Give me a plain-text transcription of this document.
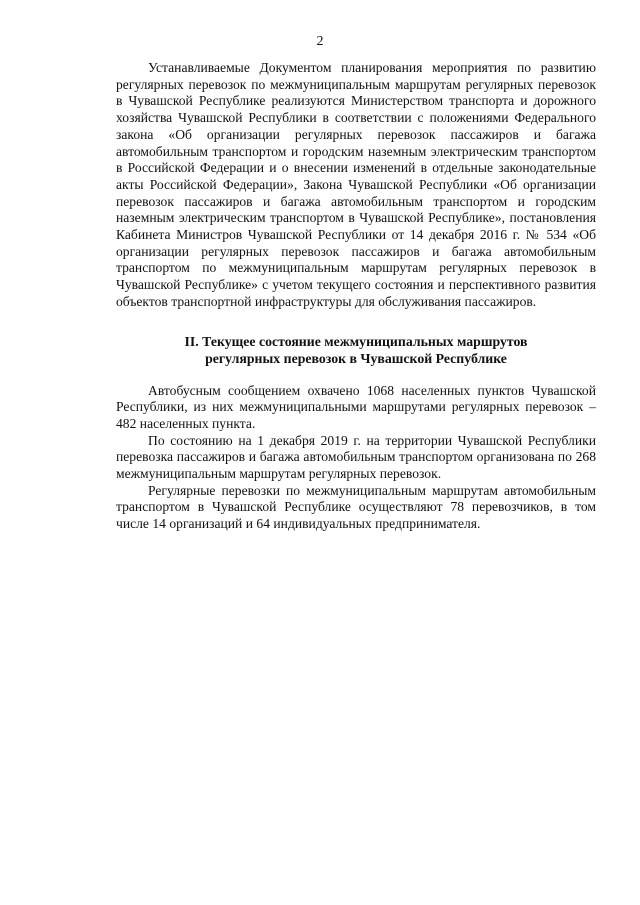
2

Устанавливаемые Документом планирования мероприятия по развитию регулярных перевозок по межмуниципальным маршрутам регулярных перевозок в Чувашской Республике реализуются Министерством транспорта и дорожного хозяйства Чувашской Республики в соответствии с положениями Федерального закона «Об организации регулярных перевозок пассажиров и багажа автомобильным транспортом и городским наземным электрическим транспортом в Российской Федерации и о внесении изменений в отдельные законодательные акты Российской Федерации», Закона Чувашской Республики «Об организации перевозок пассажиров и багажа автомобильным транспортом и городским наземным электрическим транспортом в Чувашской Республике», постановления Кабинета Министров Чувашской Республики от 14 декабря 2016 г. № 534 «Об организации регулярных перевозок пассажиров и багажа автомобильным транспортом по межмуниципальным маршрутам регулярных перевозок в Чувашской Республике» с учетом текущего состояния и перспективного развития объектов транспортной инфраструктуры для обслуживания пассажиров.

II. Текущее состояние межмуниципальных маршрутов
регулярных перевозок в Чувашской Республике

Автобусным сообщением охвачено 1068 населенных пунктов Чувашской Республики, из них межмуниципальными маршрутами регулярных перевозок – 482 населенных пункта.

По состоянию на 1 декабря 2019 г. на территории Чувашской Республики перевозка пассажиров и багажа автомобильным транспортом организована по 268 межмуниципальным маршрутам регулярных перевозок.

Регулярные перевозки по межмуниципальным маршрутам автомобильным транспортом в Чувашской Республике осуществляют 78 перевозчиков, в том числе 14 организаций и 64 индивидуальных предпринимателя.
